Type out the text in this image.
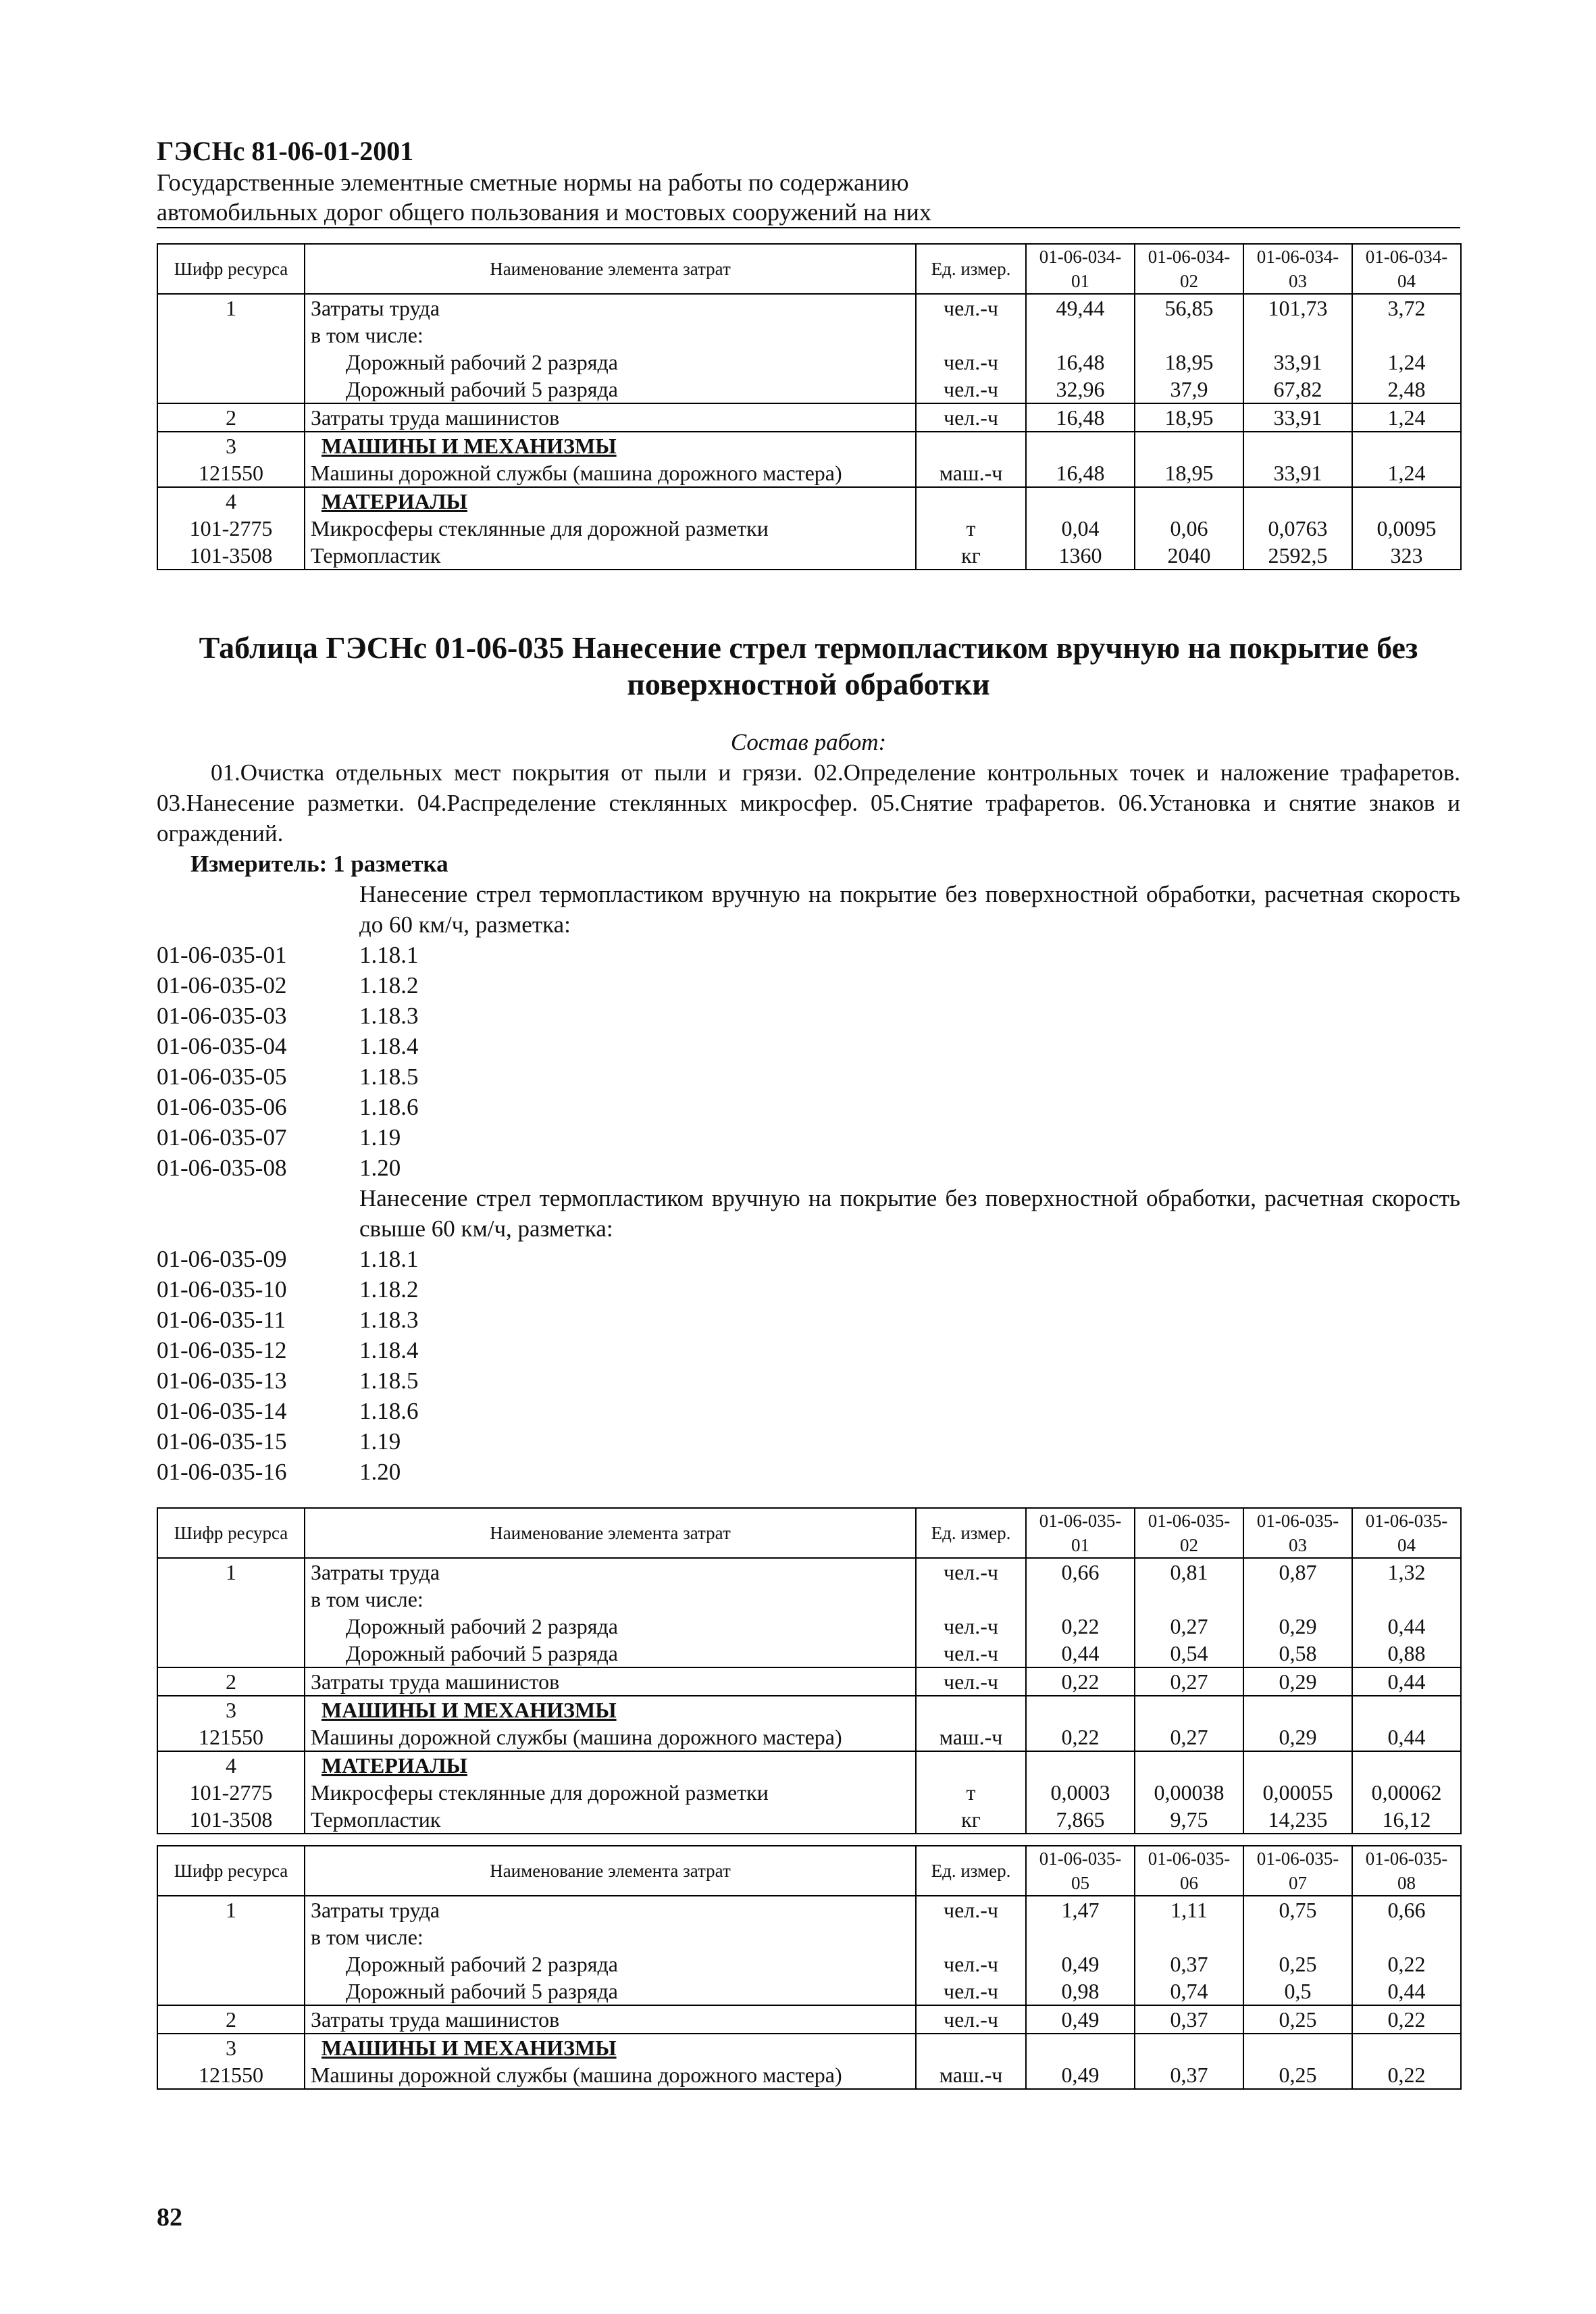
ГЭСНс 81-06-01-2001
Государственные элементные сметные нормы на работы по содержанию
автомобильных дорог общего пользования и мостовых сооружений на них
Шифр ресурса	Наименование элемента затрат	Ед. измер.	01-06-034-01	01-06-034-02	01-06-034-03	01-06-034-04
1	Затраты труда	чел.-ч	49,44	56,85	101,73	3,72
	в том числе:					
	Дорожный рабочий 2 разряда	чел.-ч	16,48	18,95	33,91	1,24
	Дорожный рабочий 5 разряда	чел.-ч	32,96	37,9	67,82	2,48
2	Затраты труда машинистов	чел.-ч	16,48	18,95	33,91	1,24
3	МАШИНЫ И МЕХАНИЗМЫ					
121550	Машины дорожной службы (машина дорожного мастера)	маш.-ч	16,48	18,95	33,91	1,24
4	МАТЕРИАЛЫ					
101-2775	Микросферы стеклянные для дорожной разметки	т	0,04	0,06	0,0763	0,0095
101-3508	Термопластик	кг	1360	2040	2592,5	323
Таблица ГЭСНс 01-06-035 Нанесение стрел термопластиком вручную на покрытие без
поверхностной обработки
Состав работ:
01.Очистка отдельных мест покрытия от пыли и грязи. 02.Определение контрольных точек и наложение трафаретов. 03.Нанесение разметки. 04.Распределение стеклянных микросфер. 05.Снятие трафаретов. 06.Установка и снятие знаков и ограждений.
Измеритель: 1 разметка
Нанесение стрел термопластиком вручную на покрытие без поверхностной обработки, расчетная скорость до 60 км/ч, разметка:
01-06-035-01	1.18.1
01-06-035-02	1.18.2
01-06-035-03	1.18.3
01-06-035-04	1.18.4
01-06-035-05	1.18.5
01-06-035-06	1.18.6
01-06-035-07	1.19
01-06-035-08	1.20
Нанесение стрел термопластиком вручную на покрытие без поверхностной обработки, расчетная скорость свыше 60 км/ч, разметка:
01-06-035-09	1.18.1
01-06-035-10	1.18.2
01-06-035-11	1.18.3
01-06-035-12	1.18.4
01-06-035-13	1.18.5
01-06-035-14	1.18.6
01-06-035-15	1.19
01-06-035-16	1.20
Шифр ресурса	Наименование элемента затрат	Ед. измер.	01-06-035-01	01-06-035-02	01-06-035-03	01-06-035-04
1	Затраты труда	чел.-ч	0,66	0,81	0,87	1,32
	в том числе:					
	Дорожный рабочий 2 разряда	чел.-ч	0,22	0,27	0,29	0,44
	Дорожный рабочий 5 разряда	чел.-ч	0,44	0,54	0,58	0,88
2	Затраты труда машинистов	чел.-ч	0,22	0,27	0,29	0,44
3	МАШИНЫ И МЕХАНИЗМЫ					
121550	Машины дорожной службы (машина дорожного мастера)	маш.-ч	0,22	0,27	0,29	0,44
4	МАТЕРИАЛЫ					
101-2775	Микросферы стеклянные для дорожной разметки	т	0,0003	0,00038	0,00055	0,00062
101-3508	Термопластик	кг	7,865	9,75	14,235	16,12
Шифр ресурса	Наименование элемента затрат	Ед. измер.	01-06-035-05	01-06-035-06	01-06-035-07	01-06-035-08
1	Затраты труда	чел.-ч	1,47	1,11	0,75	0,66
	в том числе:					
	Дорожный рабочий 2 разряда	чел.-ч	0,49	0,37	0,25	0,22
	Дорожный рабочий 5 разряда	чел.-ч	0,98	0,74	0,5	0,44
2	Затраты труда машинистов	чел.-ч	0,49	0,37	0,25	0,22
3	МАШИНЫ И МЕХАНИЗМЫ					
121550	Машины дорожной службы (машина дорожного мастера)	маш.-ч	0,49	0,37	0,25	0,22
82
